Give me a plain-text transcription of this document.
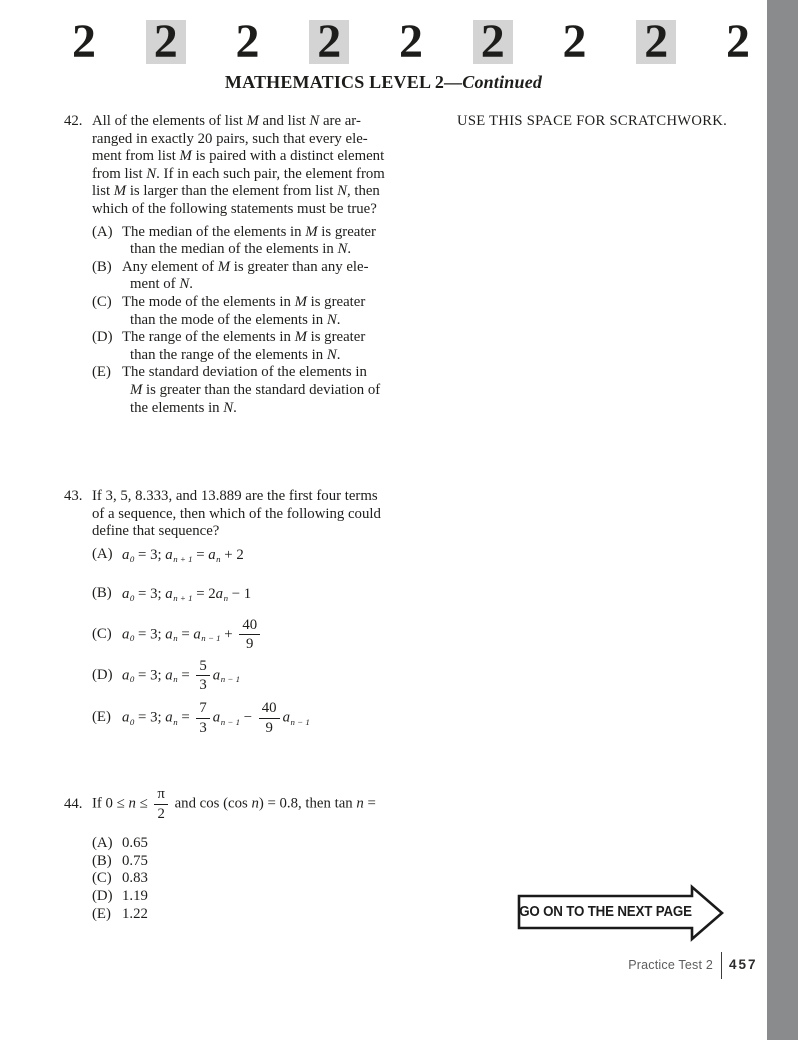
2 2 2 2 2 2 2 2 2
MATHEMATICS LEVEL 2—Continued
USE THIS SPACE FOR SCRATCHWORK.
42. All of the elements of list M and list N are ar-
ranged in exactly 20 pairs, such that every ele-
ment from list M is paired with a distinct element
from list N. If in each such pair, the element from
list M is larger than the element from list N, then
which of the following statements must be true?
(A) The median of the elements in M is greater
than the median of the elements in N.
(B) Any element of M is greater than any ele-
ment of N.
(C) The mode of the elements in M is greater
than the mode of the elements in N.
(D) The range of the elements in M is greater
than the range of the elements in N.
(E) The standard deviation of the elements in
M is greater than the standard deviation of
the elements in N.
43. If 3, 5, 8.333, and 13.889 are the first four terms
of a sequence, then which of the following could
define that sequence?
(A) $a_0 = 3$; $a_{n + 1} = a_n + 2$
(B) $a_0 = 3$; $a_{n + 1} = 2a_n - 1$
(C) $a_0 = 3$; $a_n = a_{n - 1} + \frac{40}{9}$
(D) $a_0 = 3$; $a_n = \frac{5}{3} a_{n - 1}$
(E) $a_0 = 3$; $a_n = \frac{7}{3} a_{n - 1} - \frac{40}{9} a_{n - 1}$
44. If $0 \le n \le \frac{\pi}{2}$ and cos (cos n) = 0.8, then tan n =
(A) 0.65
(B) 0.75
(C) 0.83
(D) 1.19
(E) 1.22	GO ON TO THE NEXT PAGE
Practice Test 2 457
